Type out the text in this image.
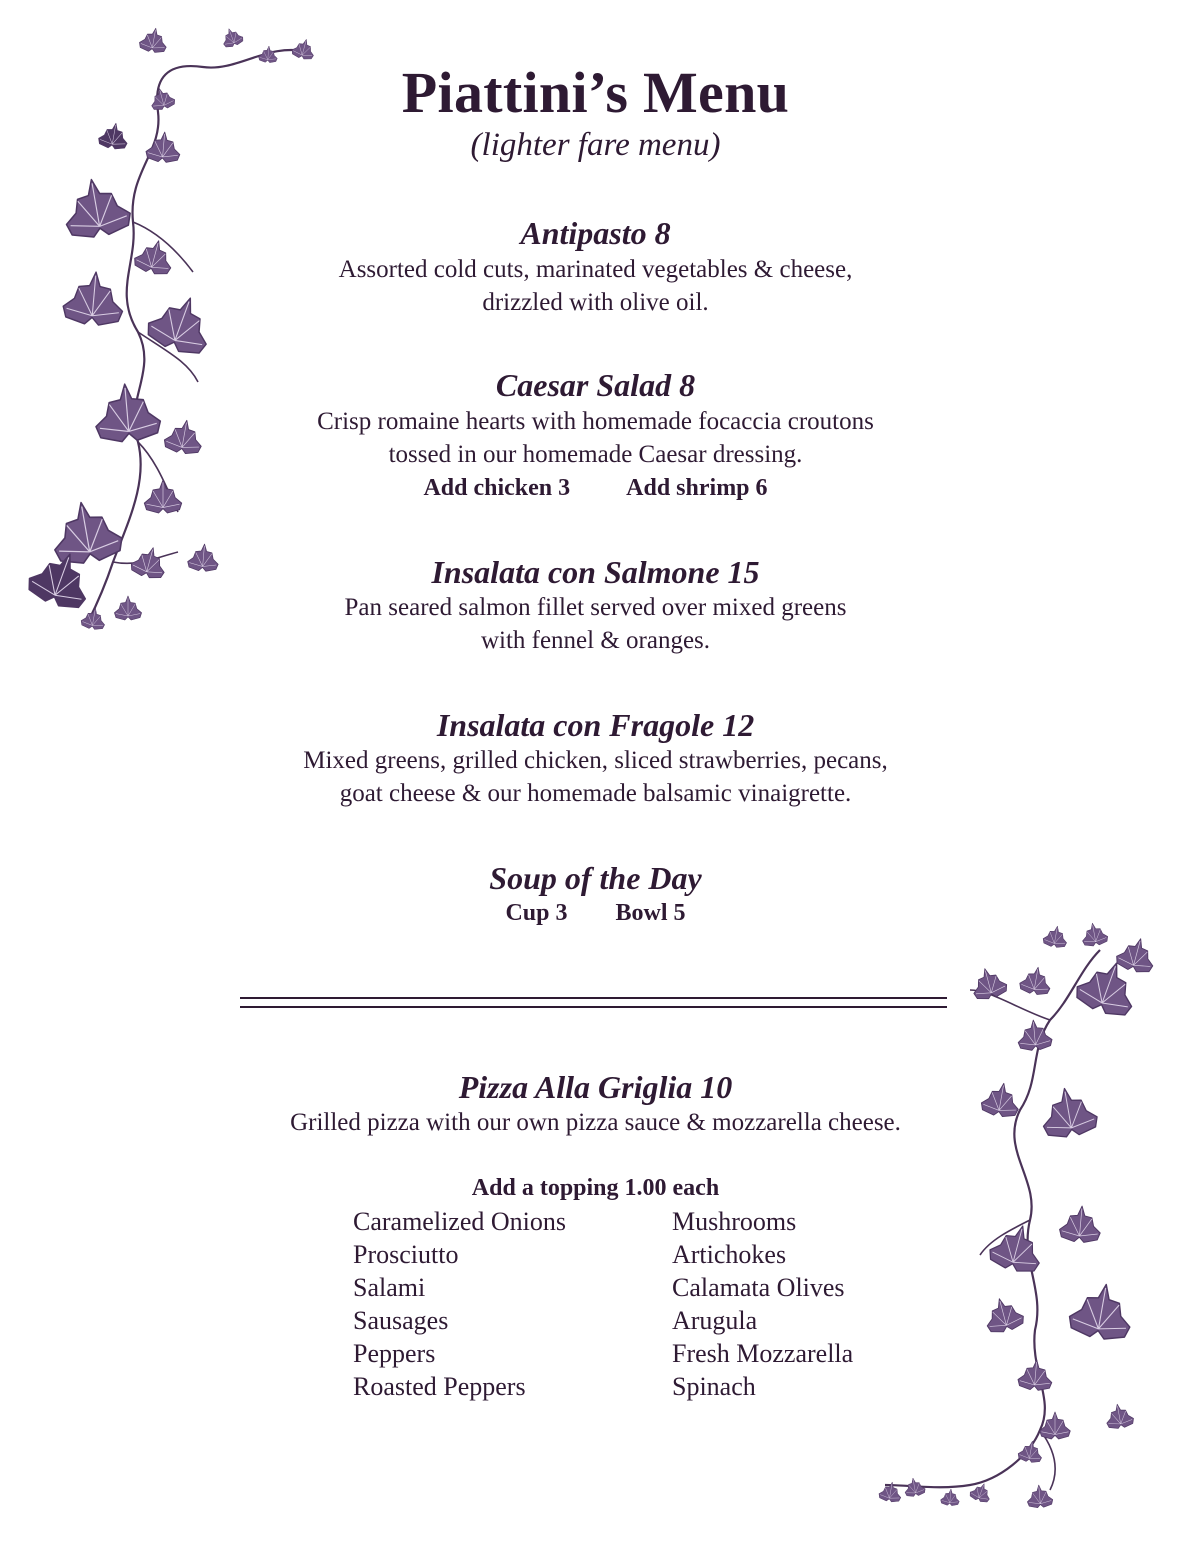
Piattini’s Menu
(lighter fare menu)
Antipasto 8
Assorted cold cuts, marinated vegetables & cheese,
drizzled with olive oil.
Caesar Salad 8
Crisp romaine hearts with homemade focaccia croutons
tossed in our homemade Caesar dressing.
Add chicken 3 Add shrimp 6
Insalata con Salmone 15
Pan seared salmon fillet served over mixed greens
with fennel & oranges.
Insalata con Fragole 12
Mixed greens, grilled chicken, sliced strawberries, pecans,
goat cheese & our homemade balsamic vinaigrette.
Soup of the Day
Cup 3 Bowl 5
Pizza Alla Griglia 10
Grilled pizza with our own pizza sauce & mozzarella cheese.
Add a topping 1.00 each
Caramelized Onions
Prosciutto
Salami
Sausages
Peppers
Roasted Peppers
Mushrooms
Artichokes
Calamata Olives
Arugula
Fresh Mozzarella
Spinach
